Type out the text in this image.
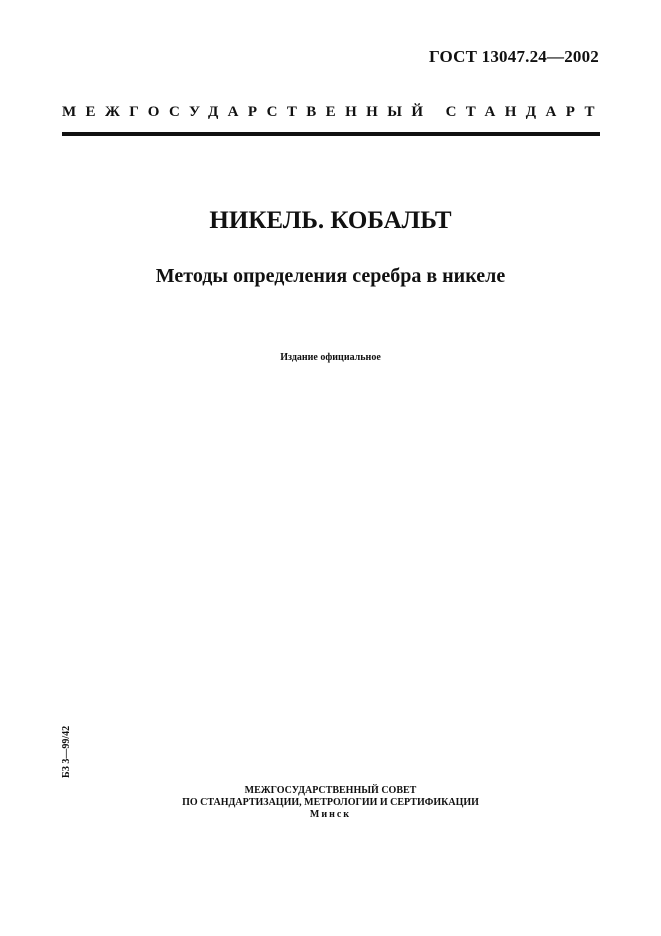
ГОСТ 13047.24—2002
МЕЖГОСУДАРСТВЕННЫЙ СТАНДАРТ
НИКЕЛЬ. КОБАЛЬТ
Методы определения серебра в никеле
Издание официальное
БЗ 3—99/42
МЕЖГОСУДАРСТВЕННЫЙ СОВЕТ
ПО СТАНДАРТИЗАЦИИ, МЕТРОЛОГИИ И СЕРТИФИКАЦИИ
Минск
